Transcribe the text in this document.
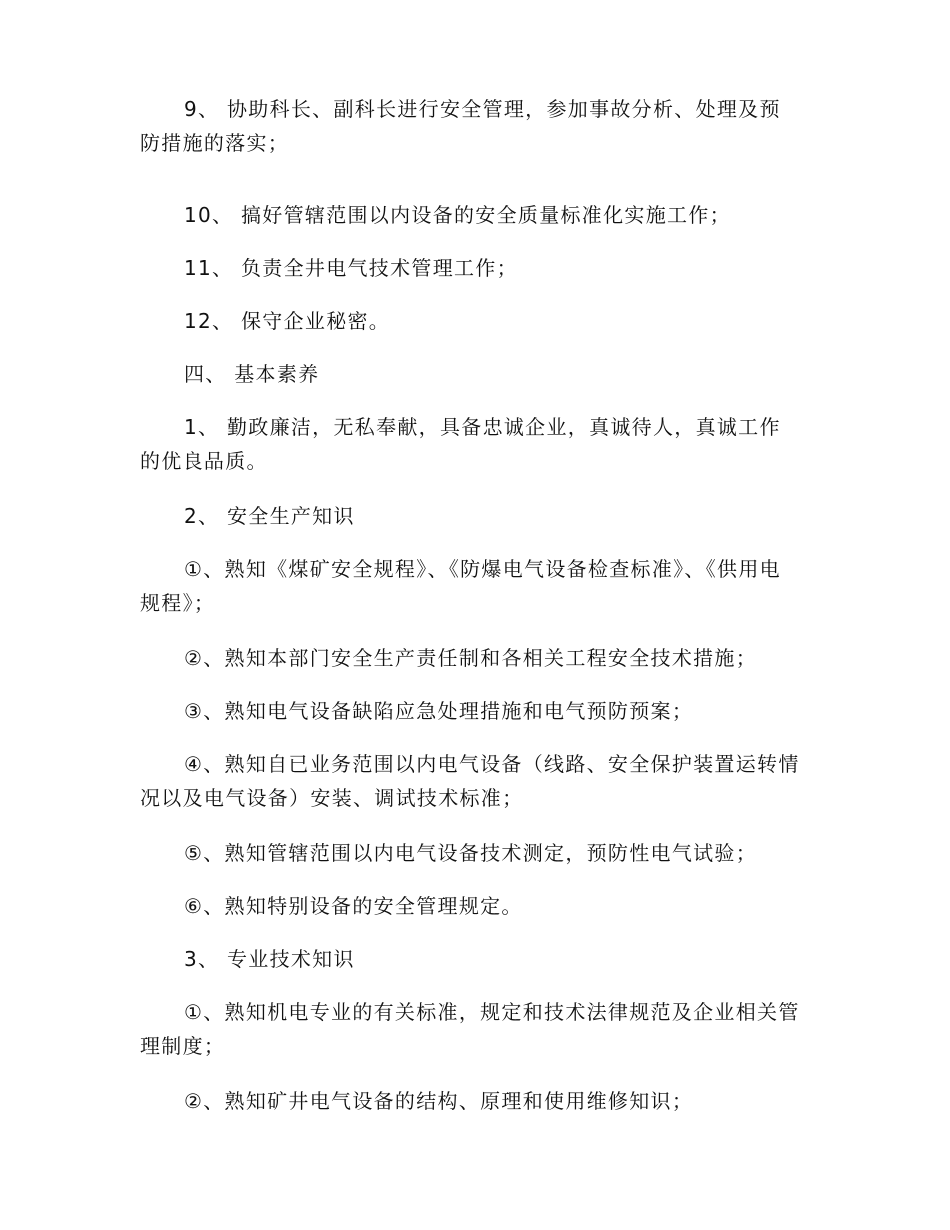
9、 协助科长、副科长进行安全管理，参加事故分析、处理及预防措施的落实；

10、 搞好管辖范围以内设备的安全质量标准化实施工作；

11、 负责全井电气技术管理工作；

12、 保守企业秘密。

四、 基本素养

1、 勤政廉洁，无私奉献，具备忠诚企业，真诚待人，真诚工作的优良品质。

2、 安全生产知识

①、熟知《煤矿安全规程》、《防爆电气设备检查标准》、《供用电规程》；

②、熟知本部门安全生产责任制和各相关工程安全技术措施；

③、熟知电气设备缺陷应急处理措施和电气预防预案；

④、熟知自已业务范围以内电气设备（线路、安全保护装置运转情况以及电气设备）安装、调试技术标准；

⑤、熟知管辖范围以内电气设备技术测定，预防性电气试验；

⑥、熟知特别设备的安全管理规定。

3、 专业技术知识

①、熟知机电专业的有关标准，规定和技术法律规范及企业相关管理制度；

②、熟知矿井电气设备的结构、原理和使用维修知识；
